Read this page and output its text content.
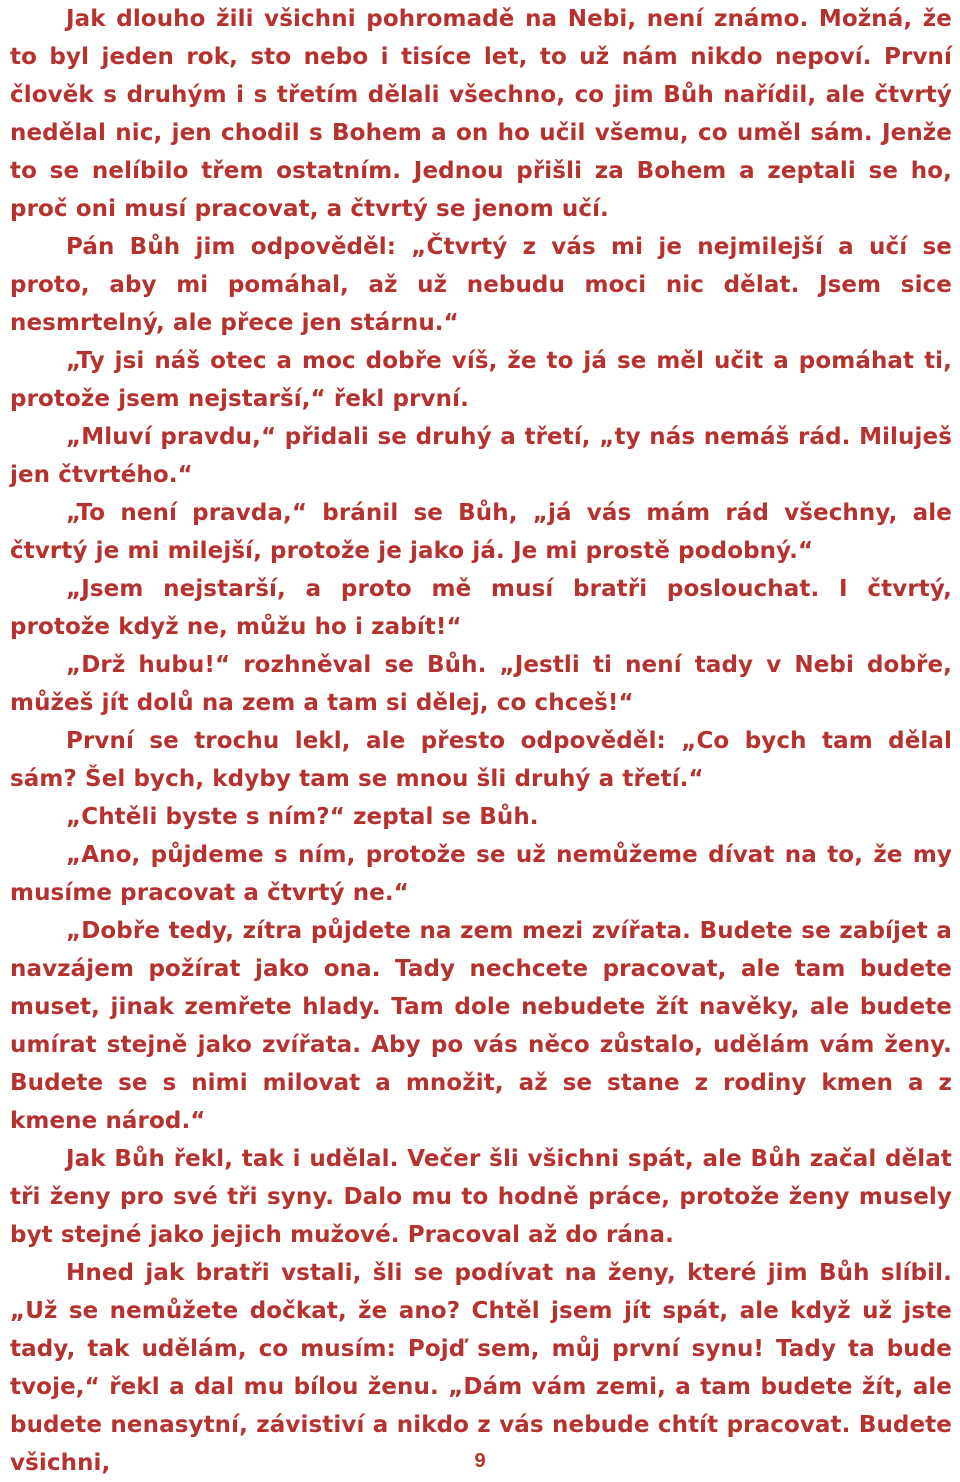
Jak dlouho žili všichni pohromadě na Nebi, není známo. Možná, že to byl jeden rok, sto nebo i tisíce let, to už nám nikdo nepoví. První člověk s druhým i s třetím dělali všechno, co jim Bůh nařídil, ale čtvrtý nedělal nic, jen chodil s Bohem a on ho učil všemu, co uměl sám. Jenže to se nelíbilo třem ostatním. Jednou přišli za Bohem a zeptali se ho, proč oni musí pracovat, a čtvrtý se jenom učí.

Pán Bůh jim odpověděl: „Čtvrtý z vás mi je nejmilejší a učí se proto, aby mi pomáhal, až už nebudu moci nic dělat. Jsem sice nesmrtelný, ale přece jen stárnu.“

„Ty jsi náš otec a moc dobře víš, že to já se měl učit a pomáhat ti, protože jsem nejstarší,“ řekl první.

„Mluví pravdu,“ přidali se druhý a třetí, „ty nás nemáš rád. Miluješ jen čtvrtého.“

„To není pravda,“ bránil se Bůh, „já vás mám rád všechny, ale čtvrtý je mi milejší, protože je jako já. Je mi prostě podobný.“

„Jsem nejstarší, a proto mě musí bratři poslouchat. I čtvrtý, protože když ne, můžu ho i zabít!“

„Drž hubu!“ rozhněval se Bůh. „Jestli ti není tady v Nebi dobře, můžeš jít dolů na zem a tam si dělej, co chceš!“

První se trochu lekl, ale přesto odpověděl: „Co bych tam dělal sám? Šel bych, kdyby tam se mnou šli druhý a třetí.“

„Chtěli byste s ním?“ zeptal se Bůh.

„Ano, půjdeme s ním, protože se už nemůžeme dívat na to, že my musíme pracovat a čtvrtý ne.“

„Dobře tedy, zítra půjdete na zem mezi zvířata. Budete se zabíjet a navzájem požírat jako ona. Tady nechcete pracovat, ale tam budete muset, jinak zemřete hlady. Tam dole nebudete žít navěky, ale budete umírat stejně jako zvířata. Aby po vás něco zůstalo, udělám vám ženy. Budete se s nimi milovat a množit, až se stane z rodiny kmen a z kmene národ.“

Jak Bůh řekl, tak i udělal. Večer šli všichni spát, ale Bůh začal dělat tři ženy pro své tři syny. Dalo mu to hodně práce, protože ženy musely byt stejné jako jejich mužové. Pracoval až do rána.

Hned jak bratři vstali, šli se podívat na ženy, které jim Bůh slíbil. „Už se nemůžete dočkat, že ano? Chtěl jsem jít spát, ale když už jste tady, tak udělám, co musím: Pojď sem, můj první synu! Tady ta bude tvoje,“ řekl a dal mu bílou ženu. „Dám vám zemi, a tam budete žít, ale budete nenasytní, závistiví a nikdo z vás nebude chtít pracovat. Budete všichni,	9
